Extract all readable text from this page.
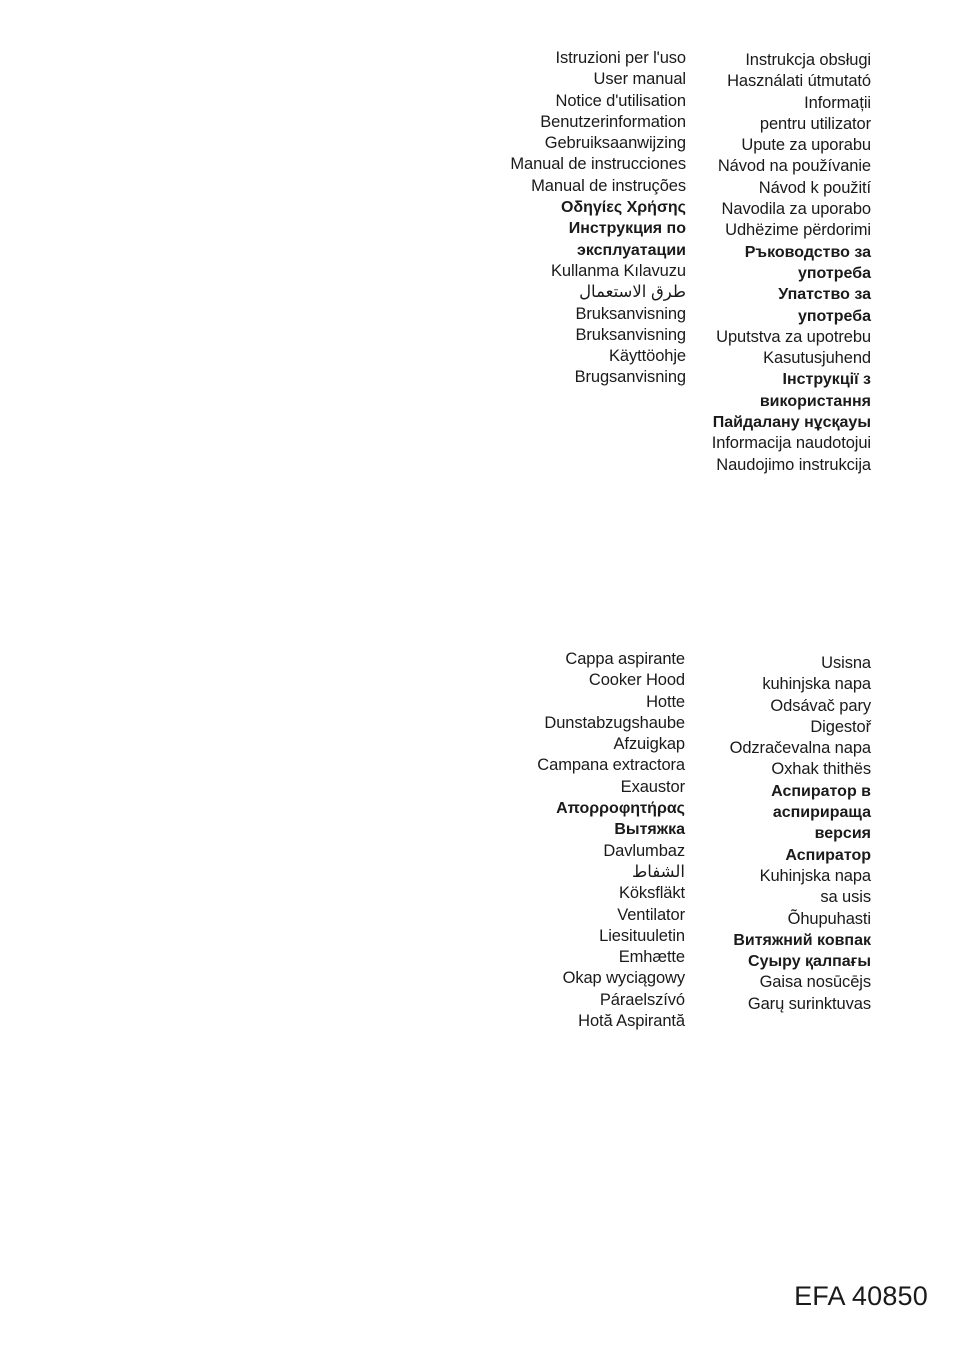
Istruzioni per l'uso
User manual
Notice d'utilisation
Benutzerinformation
Gebruiksaanwijzing
Manual de instrucciones
Manual de instruções
Οδηγίες Χρήσης
Инструкция по
эксплуатации
Kullanma Kılavuzu
طرق الاستعمال
Bruksanvisning
Bruksanvisning
Käyttöohje
Brugsanvisning
Instrukcja obsługi
Használati útmutató
Informații
pentru utilizator
Upute za uporabu
Návod na používanie
Návod k použití
Navodila za uporabo
Udhëzime përdorimi
Ръководство за
употреба
Упатство за
употреба
Uputstva za upotrebu
Kasutusjuhend
Інструкції з
використання
Пайдалану нұсқауы
Informacija naudotojui
Naudojimo instrukcija
Cappa aspirante
Cooker Hood
Hotte
Dunstabzugshaube
Afzuigkap
Campana extractora
Exaustor
Απορροφητήρας
Вытяжка
Davlumbaz
الشفاط
Köksfläkt
Ventilator
Liesituuletin
Emhætte
Okap wyciągowy
Páraelszívó
Hotă Aspirantă
Usisna
kuhinjska napa
Odsávač pary
Digestoř
Odzračevalna napa
Oxhak thithës
Аспиратор в
аспирираща
версия
Аспиратор
Kuhinjska napa
sa usis
Õhupuhasti
Витяжний ковпак
Суыру қалпағы
Gaisa nosūcējs
Garų surinktuvas
EFA 40850
